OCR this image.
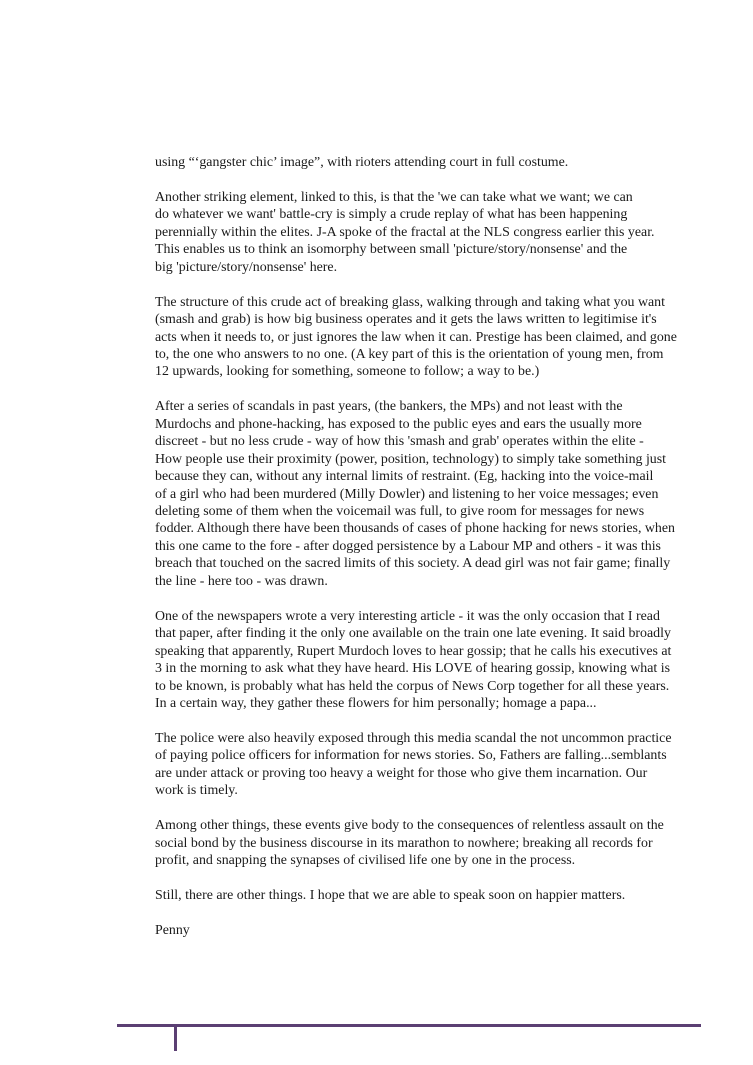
using “‘gangster chic’ image”, with rioters attending court in full costume.

Another striking element, linked to this, is that the 'we can take what we want; we can
do whatever we want' battle-cry is simply a crude replay of what has been happening
perennially within the elites. J-A spoke of the fractal at the NLS congress earlier this year.
This enables us to think an isomorphy between small 'picture/story/nonsense' and the
big 'picture/story/nonsense' here.

The structure of this crude act of breaking glass, walking through and taking what you want
(smash and grab) is how big business operates and it gets the laws written to legitimise it's
acts when it needs to, or just ignores the law when it can. Prestige has been claimed, and gone
to, the one who answers to no one. (A key part of this is the orientation of young men, from
12 upwards, looking for something, someone to follow; a way to be.)

After a series of scandals in past years, (the bankers, the MPs) and not least with the
Murdochs and phone-hacking, has exposed to the public eyes and ears the usually more
discreet - but no less crude - way of how this 'smash and grab' operates within the elite -
How people use their proximity (power, position, technology) to simply take something just
because they can, without any internal limits of restraint. (Eg, hacking into the voice-mail
of a girl who had been murdered (Milly Dowler) and listening to her voice messages; even
deleting some of them when the voicemail was full, to give room for messages for news
fodder. Although there have been thousands of cases of phone hacking for news stories, when
this one came to the fore - after dogged persistence by a Labour MP and others - it was this
breach that touched on the sacred limits of this society. A dead girl was not fair game; finally
the line - here too - was drawn.

One of the newspapers wrote a very interesting article - it was the only occasion that I read
that paper, after finding it the only one available on the train one late evening. It said broadly
speaking that apparently, Rupert Murdoch loves to hear gossip; that he calls his executives at
3 in the morning to ask what they have heard. His LOVE of hearing gossip, knowing what is
to be known, is probably what has held the corpus of News Corp together for all these years.
In a certain way, they gather these flowers for him personally; homage a papa...

The police were also heavily exposed through this media scandal the not uncommon practice
of paying police officers for information for news stories. So, Fathers are falling...semblants
are under attack or proving too heavy a weight for those who give them incarnation. Our
work is timely.

Among other things, these events give body to the consequences of relentless assault on the
social bond by the business discourse in its marathon to nowhere; breaking all records for
profit, and snapping the synapses of civilised life one by one in the process.

Still, there are other things. I hope that we are able to speak soon on happier matters.

Penny
